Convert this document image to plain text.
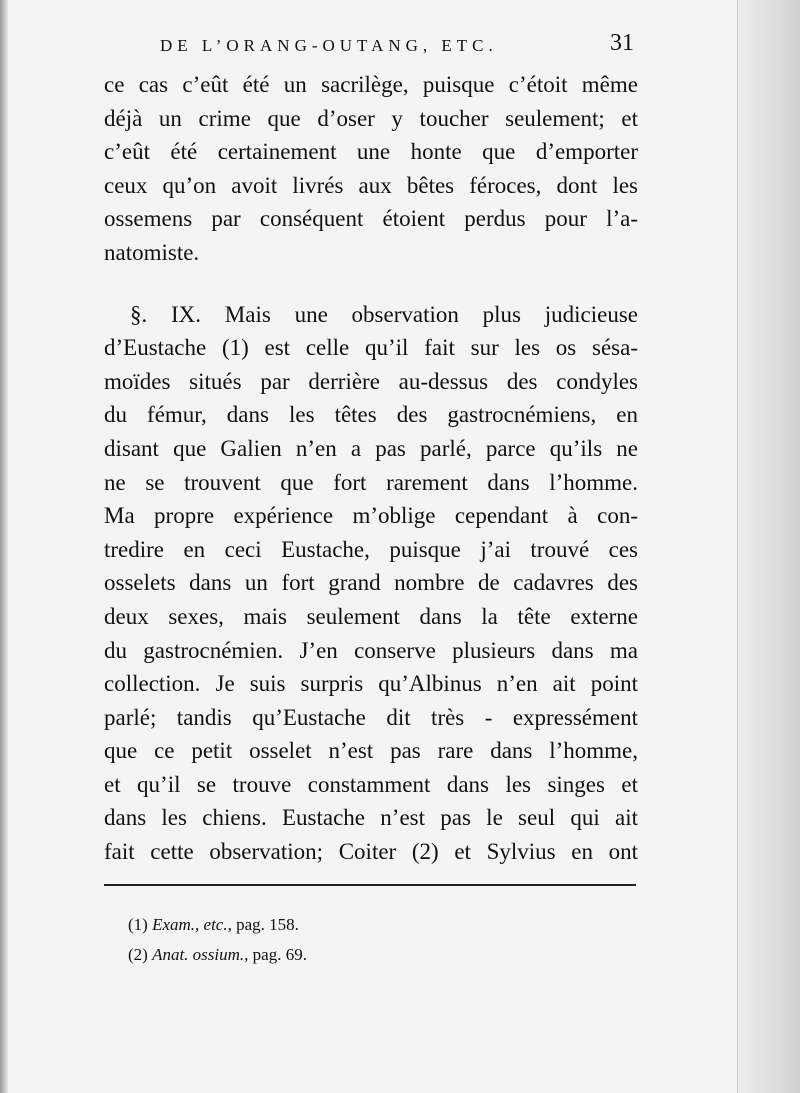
DE L’ORANG-OUTANG, ETC.	31
ce cas c’eût été un sacrilège, puisque c’étoit même
déjà un crime que d’oser y toucher seulement; et
c’eût été certainement une honte que d’emporter
ceux qu’on avoit livrés aux bêtes féroces, dont les
ossemens par conséquent étoient perdus pour l’a-
natomiste.
§. IX. Mais une observation plus judicieuse
d’Eustache (1) est celle qu’il fait sur les os sésa-
moïdes situés par derrière au-dessus des condyles
du fémur, dans les têtes des gastrocnémiens, en
disant que Galien n’en a pas parlé, parce qu’ils ne
ne se trouvent que fort rarement dans l’homme.
Ma propre expérience m’oblige cependant à con-
tredire en ceci Eustache, puisque j’ai trouvé ces
osselets dans un fort grand nombre de cadavres des
deux sexes, mais seulement dans la tête externe
du gastrocnémien. J’en conserve plusieurs dans ma
collection. Je suis surpris qu’Albinus n’en ait point
parlé; tandis qu’Eustache dit très - expressément
que ce petit osselet n’est pas rare dans l’homme,
et qu’il se trouve constamment dans les singes et
dans les chiens. Eustache n’est pas le seul qui ait
fait cette observation; Coiter (2) et Sylvius en ont
(1) Exam., etc., pag. 158.
(2) Anat. ossium., pag. 69.
